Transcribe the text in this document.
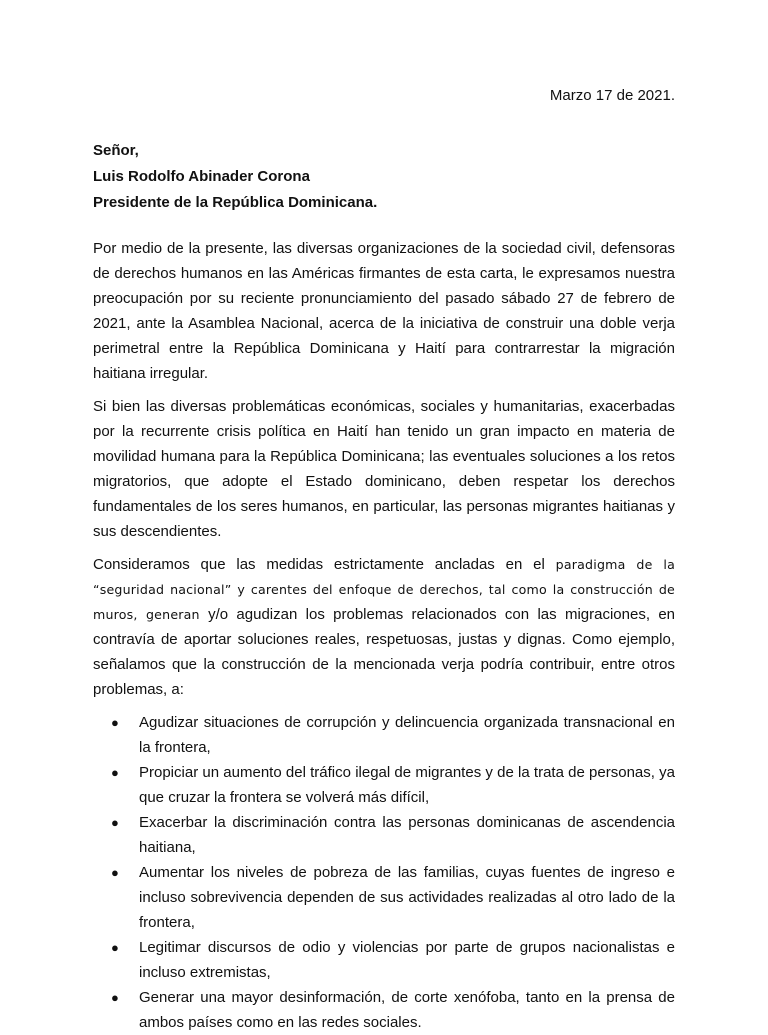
Marzo 17 de 2021.
Señor,
Luis Rodolfo Abinader Corona
Presidente de la República Dominicana.

Por medio de la presente, las diversas organizaciones de la sociedad civil, defensoras de derechos humanos en las Américas firmantes de esta carta, le expresamos nuestra preocupación por su reciente pronunciamiento del pasado sábado 27 de febrero de 2021, ante la Asamblea Nacional, acerca de la iniciativa de construir una doble verja perimetral entre la República Dominicana y Haití para contrarrestar la migración haitiana irregular.

Si bien las diversas problemáticas económicas, sociales y humanitarias, exacerbadas por la recurrente crisis política en Haití han tenido un gran impacto en materia de movilidad humana para la República Dominicana; las eventuales soluciones a los retos migratorios, que adopte el Estado dominicano, deben respetar los derechos fundamentales de los seres humanos, en particular, las personas migrantes haitianas y sus descendientes.

Consideramos que las medidas estrictamente ancladas en el paradigma de la “seguridad nacional” y carentes del enfoque de derechos, tal como la construcción de muros, generan y/o agudizan los problemas relacionados con las migraciones, en contravía de aportar soluciones reales, respetuosas, justas y dignas. Como ejemplo, señalamos que la construcción de la mencionada verja podría contribuir, entre otros problemas, a:

● Agudizar situaciones de corrupción y delincuencia organizada transnacional en la frontera,
● Propiciar un aumento del tráfico ilegal de migrantes y de la trata de personas, ya que cruzar la frontera se volverá más difícil,
● Exacerbar la discriminación contra las personas dominicanas de ascendencia haitiana,
● Aumentar los niveles de pobreza de las familias, cuyas fuentes de ingreso e incluso sobrevivencia dependen de sus actividades realizadas al otro lado de la frontera,
● Legitimar discursos de odio y violencias por parte de grupos nacionalistas e incluso extremistas,
● Generar una mayor desinformación, de corte xenófoba, tanto en la prensa de ambos países como en las redes sociales.
